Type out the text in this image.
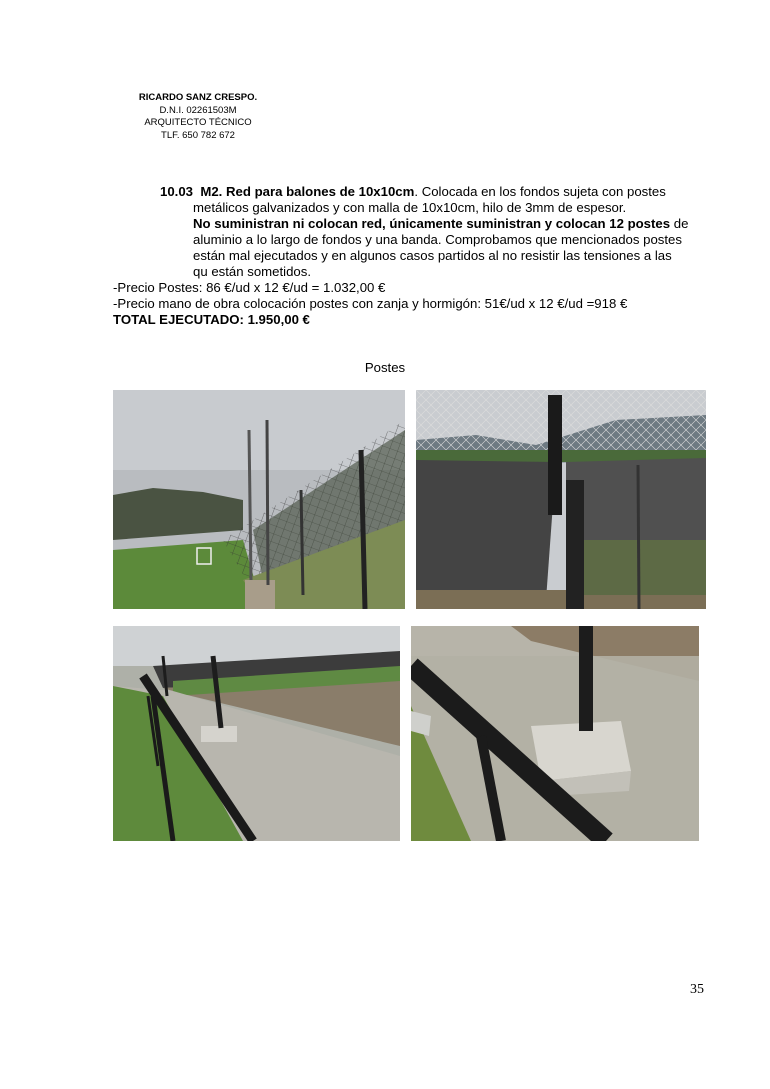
RICARDO SANZ CRESPO.
D.N.I. 02261503M
ARQUITECTO TÉCNICO
TLF. 650 782 672
10.03 M2. Red para balones de 10x10cm. Colocada en los fondos sujeta con postes
metálicos galvanizados y con malla de 10x10cm, hilo de 3mm de espesor.
No suministran ni colocan red, únicamente suministran y colocan 12 postes de
aluminio a lo largo de fondos y una banda. Comprobamos que mencionados postes
están mal ejecutados y en algunos casos partidos al no resistir las tensiones a las
qu están sometidos.
-Precio Postes: 86 €/ud x 12 €/ud = 1.032,00 €
-Precio mano de obra colocación postes con zanja y hormigón: 51€/ud x 12 €/ud =918 €
TOTAL EJECUTADO: 1.950,00 €
Postes
35
